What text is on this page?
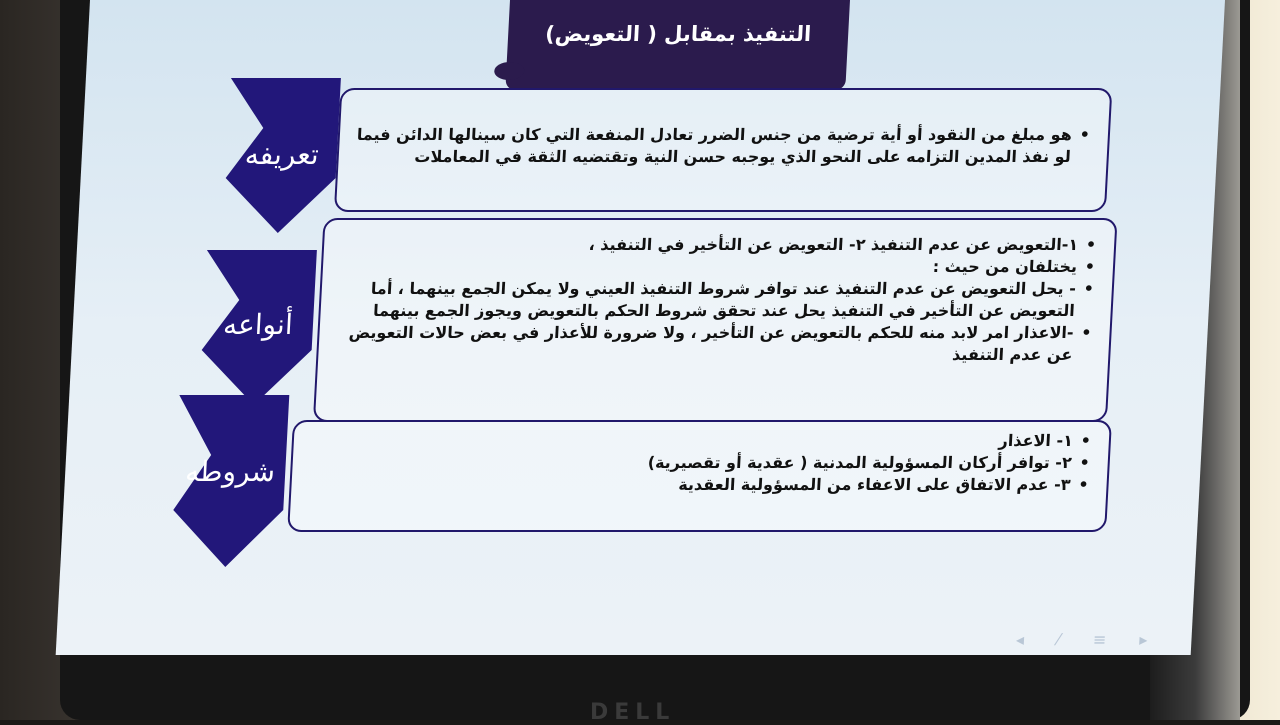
التنفيذ بمقابل ( التعويض)
تعريفه
• هو مبلغ من النقود أو أية ترضية من جنس الضرر تعادل المنفعة التي كان سينالها الدائن فيما لو نفذ المدين التزامه على النحو الذي يوجبه حسن النية وتقتضيه الثقة في المعاملات
أنواعه
• ١-التعويض عن عدم التنفيذ ٢- التعويض عن التأخير في التنفيذ ،
• يختلفان من حيث :
• - يحل التعويض عن عدم التنفيذ عند توافر شروط التنفيذ العيني ولا يمكن الجمع بينهما ، أما التعويض عن التأخير في التنفيذ يحل عند تحقق شروط الحكم بالتعويض ويجوز الجمع بينهما
• -الاعذار امر لابد منه للحكم بالتعويض عن التأخير ، ولا ضرورة للأعذار في بعض حالات التعويض عن عدم التنفيذ
شروطه
• ١- الاعذار
• ٢- توافر أركان المسؤولية المدنية ( عقدية أو تقصيرية)
• ٣- عدم الاتفاق على الاعفاء من المسؤولية العقدية
◂ ⁄ ≡ ▸
DELL
